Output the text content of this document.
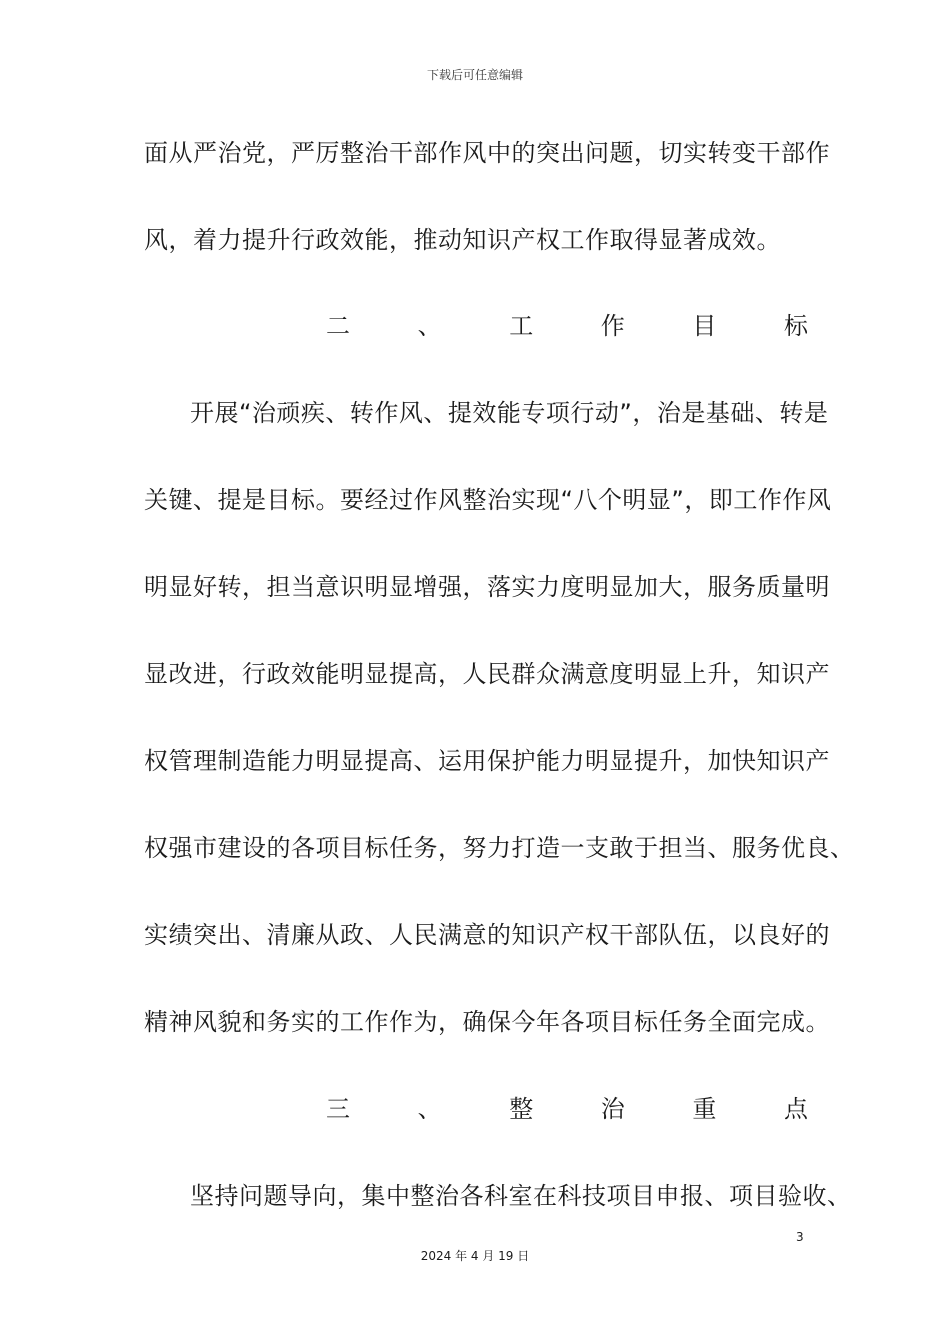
下载后可任意编辑
面从严治党，严厉整治干部作风中的突出问题，切实转变干部作
风，着力提升行政效能，推动知识产权工作取得显著成效。
二	、	工	作	目	标
开展“治顽疾、转作风、提效能专项行动”，治是基础、转是
关键、提是目标。要经过作风整治实现“八个明显”，即工作作风
明显好转，担当意识明显增强，落实力度明显加大，服务质量明
显改进，行政效能明显提高，人民群众满意度明显上升，知识产
权管理制造能力明显提高、运用保护能力明显提升，加快知识产
权强市建设的各项目标任务，努力打造一支敢于担当、服务优良、
实绩突出、清廉从政、人民满意的知识产权干部队伍，以良好的
精神风貌和务实的工作作为，确保今年各项目标任务全面完成。
三	、	整	治	重	点
坚持问题导向，集中整治各科室在科技项目申报、项目验收、
3
2024 年 4 月 19 日
